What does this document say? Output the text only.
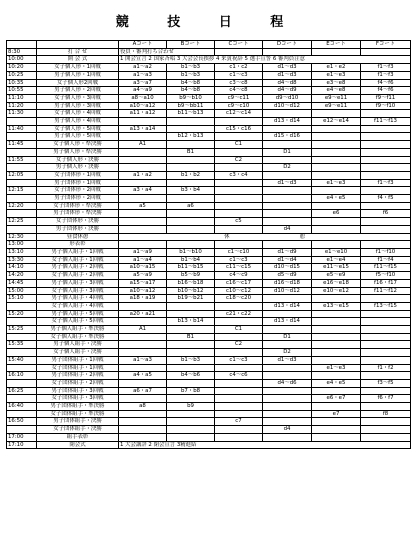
競 技 日 程
		Aコート	Bコート	Cコート	Dコート	Eコート	Fコート
8:30	打 合 せ	役員・審判打ち合わせ					
10:00	開 会 式	1 開会宣言 2 国家斉唱 3 大会会長挨拶 4 来賓祝辞 5 選手宣誓 6 審判員注意					
10:20	女子個人形・1回戦	a1～a2	b1～b3	c1・c2	d1～d3	e1・e2	f1～f3
10:25	男子個人形・1回戦	a1～a3	b1～b3	c1～c3	d1～d3	e1～e3	f1～f3
10:35	女子個人形2回戦	a3～a7	b4～b8	c3～c8	d4～d8	e3～e8	f4～f6
10:55	男子個人形・2回戦	a4～a9	b4～b8	c4～c8	d4～d9	e4～e8	f4～f6
11:10	女子個人形・3回戦	a8～a10	b9～b10	c9～c11	d9～d10	e9～e11	f9～f11
11:20	男子個人形・3回戦	a10～a12	b9～bb11	c9～c10	d10～d12	e9～e11	f9～f10
11:30	女子個人形・4回戦	a11・a12	b11～b13	c12～c14			
	男子個人形・4回戦				d13・d14	e12～e14	f11～f13
11:40	女子個人形・5回戦	a13・a14		c15・c16			
	男子個人形・5回戦		b12・b13		d15・d16		
11:45	女子個人形・準決勝	A1		C1			
	男子個人形・準決勝		B1		D1		
11:55	女子個人形・決勝			C2			
	男子個人形・決勝				D2		
12:05	女子団体形・1回戦	a1・a2	b1・b2	c3・c4			
	男子団体形・1回戦				d1～d3	e1～e3	f1～f3
12:15	女子団体形・2回戦	a3・a4	b3・b4				
	男子団体形・2回戦					e4・e5	f4・f5
12:20	女子団体形・準決勝	a5	a6				
	男子団体形・準決勝					e6	f6
12:25	女子団体形・決勝			c5			
	男子団体形・決勝				d4		
12:30	昼食休憩	休　　　　　　　　　　　　　憩					
13:00	形表彰						
13:10	男子個人組手・1回戦	a1～a9	b1～b10	c1～c10	d1～d9	e1～e10	f1～f10
13:30	女子個人組手・1回戦	a1～a4	b1～b4	c1～c3	d1～d4	e1～e4	f1～f4
14:10	男子個人組手・2回戦	a10～a15	b11～b15	c11～c15	d10～d15	e11～e15	f11～f15
14:20	女子個人組手・2回戦	a5～a9	b5～b9	c4～c9	d5～d9	e5～e9	f5～f10
14:45	男子個人組手・3回戦	a15～a17	b16～b18	c16～c17	d16～d18	e16～e18	f16・f17
15:00	女子個人組手・3回戦	a10～a12	b10～b12	c10～c12	d10～d12	e10～e12	f11～f12
15:10	男子個人組手・4回戦	a18・a19	b19～b21	c18～c20			
	女子個人組手・4回戦				d13・d14	e13～e15	f13～f15
15:20	男子個人組手・5回戦	a20・a21		c21・c22			
	女子個人組手・5回戦		b13・b14		d13・d14		
15:25	男子個人組手・準決勝	A1		C1			
	女子個人組手・準決勝		B1		D1		
15:35	男子個人組手・決勝			C2			
	女子個人組手・決勝				D2		
15:40	男子団体組手・1回戦	a1～a3	b1～b3	c1～c3	d1～d3		
	女子団体組手・1回戦					e1～e3	f1・f2
16:10	男子団体組手・2回戦	a4・a5	b4～b6	c4～c6			
	女子団体組手・2回戦				d4～d6	e4・e5	f3～f5
16:25	男子団体組手・3回戦	a6・a7	b7・b8				
	女子団体組手・3回戦					e6・e7	f6・f7
16:40	男子団体組手・準決勝	a8	b9				
	女子団体組手・準決勝					e7	f8
16:50	男子団体組手・決勝			c7			
	女子団体組手・決勝				d4		
17:00	組手表彰						
17:10	閉会式	1 大会講評 2 閉会宣言 3精進結					
